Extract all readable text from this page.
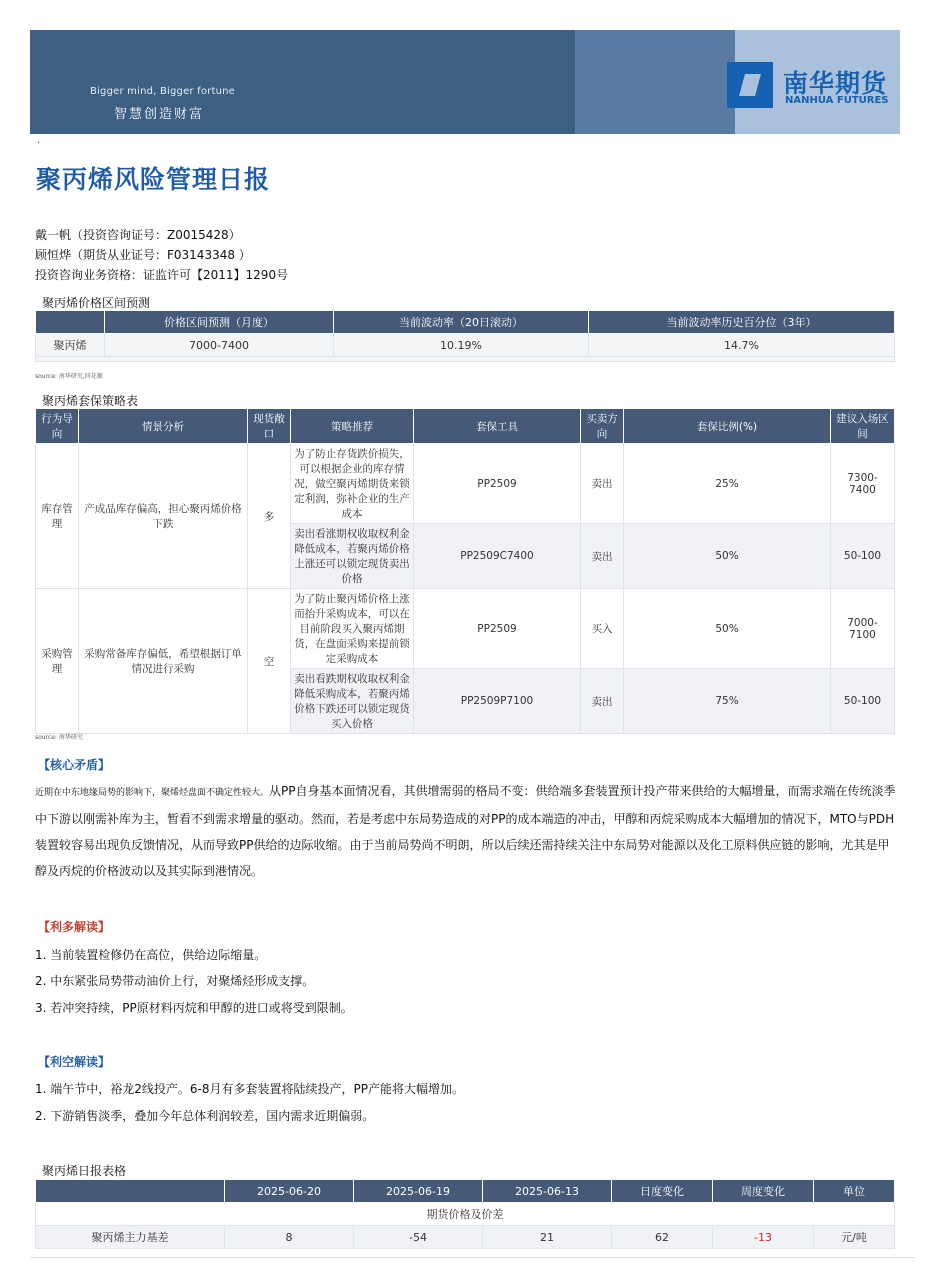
Bigger mind, Bigger fortune
智慧创造财富
南华期货
NANHUA FUTURES
·
聚丙烯风险管理日报
戴一帆（投资咨询证号：Z0015428）
顾恒烨（期货从业证号：F03143348 ）
投资咨询业务资格：证监许可【2011】1290号
聚丙烯价格区间预测
	价格区间预测（月度）	当前波动率（20日滚动）	当前波动率历史百分位（3年）
聚丙烯	7000-7400	10.19%	14.7%

source: 南华研究,同花顺
聚丙烯套保策略表
行为导向	情景分析	现货敞口	策略推荐	套保工具	买卖方向	套保比例(%)	建议入场区间
库存管理	产成品库存偏高，担心聚丙烯价格下跌	多	为了防止存货跌价损失，可以根据企业的库存情况，做空聚丙烯期货来锁定利润，弥补企业的生产成本	PP2509	卖出	25%	7300-7400
			卖出看涨期权收取权利金降低成本，若聚丙烯价格上涨还可以锁定现货卖出价格	PP2509C7400	卖出	50%	50-100
采购管理	采购常备库存偏低，希望根据订单情况进行采购	空	为了防止聚丙烯价格上涨而抬升采购成本，可以在目前阶段买入聚丙烯期货，在盘面采购来提前锁定采购成本	PP2509	买入	50%	7000-7100
			卖出看跌期权收取权利金降低采购成本，若聚丙烯价格下跌还可以锁定现货买入价格	PP2509P7100	卖出	75%	50-100
source: 南华研究
【核心矛盾】
近期在中东地缘局势的影响下，聚烯烃盘面不确定性较大。从PP自身基本面情况看，其供增需弱的格局不变：供给端多套装置预计投产带来供给的大幅增量，而需求端在传统淡季中下游以刚需补库为主，暂看不到需求增量的驱动。然而，若是考虑中东局势造成的对PP的成本端造的冲击，甲醇和丙烷采购成本大幅增加的情况下，MTO与PDH装置较容易出现负反馈情况，从而导致PP供给的边际收缩。由于当前局势尚不明朗，所以后续还需持续关注中东局势对能源以及化工原料供应链的影响，尤其是甲醇及丙烷的价格波动以及其实际到港情况。
【利多解读】
1. 当前装置检修仍在高位，供给边际缩量。
2. 中东紧张局势带动油价上行，对聚烯烃形成支撑。
3. 若冲突持续，PP原材料丙烷和甲醇的进口或将受到限制。
【利空解读】
1. 端午节中，裕龙2线投产。6-8月有多套装置将陆续投产，PP产能将大幅增加。
2. 下游销售淡季，叠加今年总体利润较差，国内需求近期偏弱。
聚丙烯日报表格
	2025-06-20	2025-06-19	2025-06-13	日度变化	周度变化	单位
期货价格及价差						
聚丙烯主力基差	8	-54	21	62	-13	元/吨
